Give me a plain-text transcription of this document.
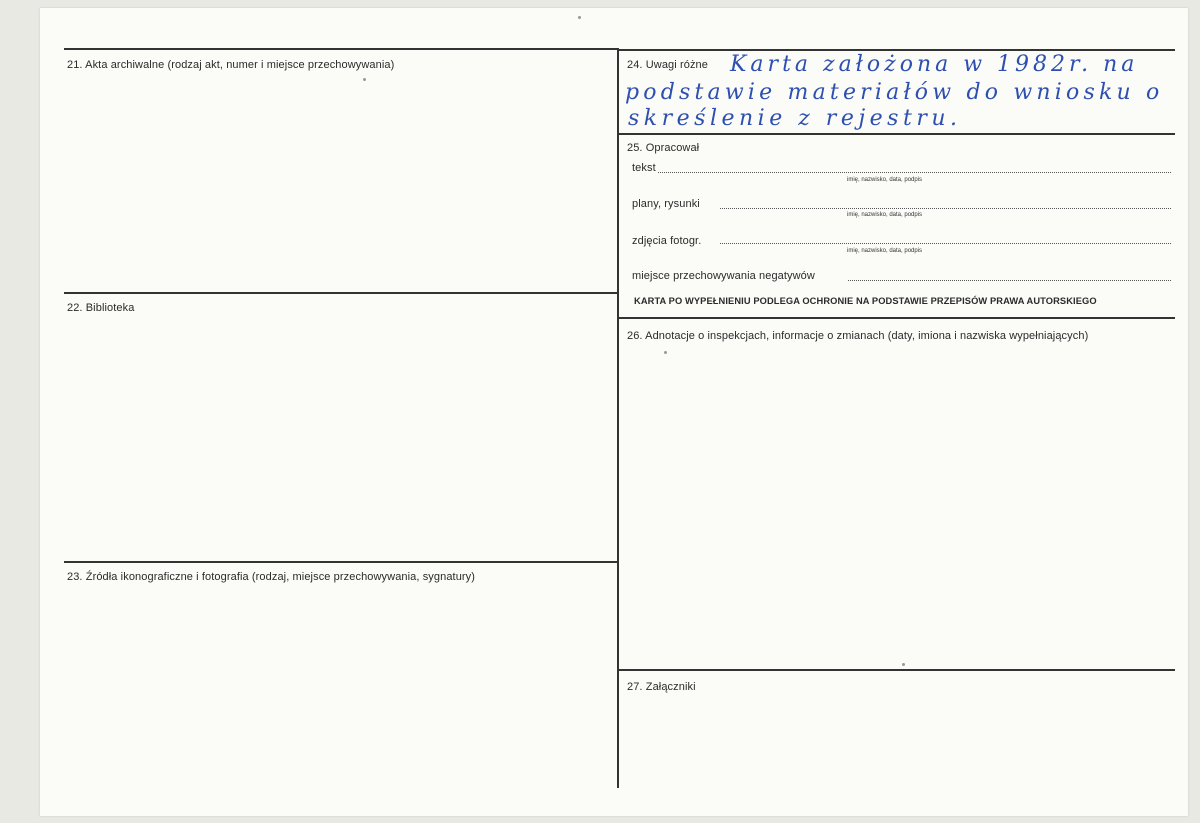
21. Akta archiwalne (rodzaj akt, numer i miejsce przechowywania)
22. Biblioteka
23. Źródła ikonograficzne i fotografia (rodzaj, miejsce przechowywania, sygnatury)
24. Uwagi różne Karta założona w 1982r. na
podstawie materiałów do wniosku o
skreślenie z rejestru.
25. Opracował
tekst
imię, nazwisko, data, podpis
plany, rysunki
imię, nazwisko, data, podpis
zdjęcia fotogr.
imię, nazwisko, data, podpis
miejsce przechowywania negatywów
KARTA PO WYPEŁNIENIU PODLEGA OCHRONIE NA PODSTAWIE PRZEPISÓW PRAWA AUTORSKIEGO
26. Adnotacje o inspekcjach, informacje o zmianach (daty, imiona i nazwiska wypełniających)
27. Załączniki
